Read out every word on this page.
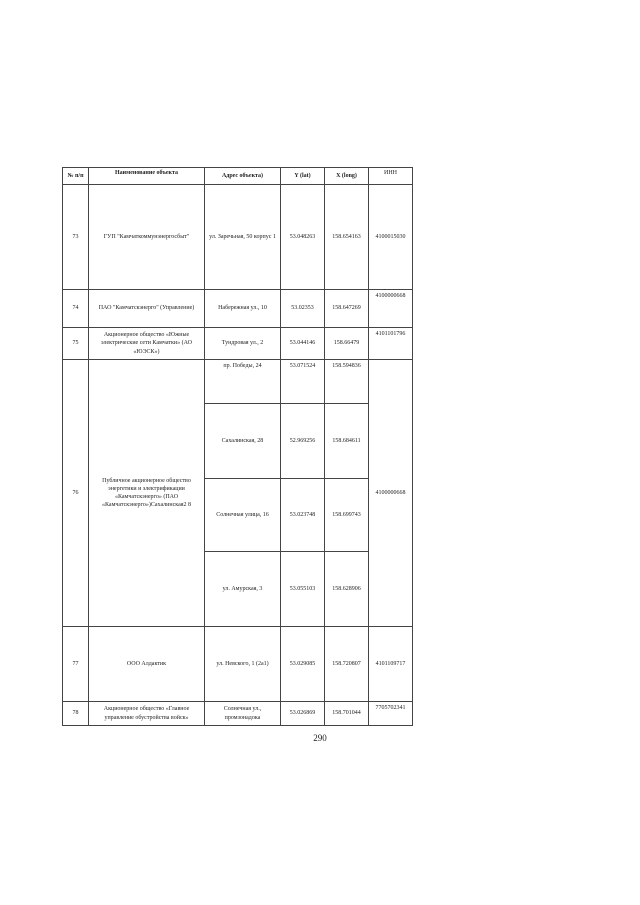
№ п/п	Наименование объекта	Адрес объекта)	Y (lat)	X (long)	ИНН
73	ГУП "Камчаткоммунэнергосбыт"	ул. Заречьная, 50 корпус 1	53.048263	158.654163	4100015030
74	ПАО "Камчатскэнерго" (Управление)	Набережная ул., 10	53.02353	158.647269	4100000668
75	Акционерное общество «Южные электрические сети Камчатки» (АО «ЮЭСК»)	Тундровая ул., 2	53.044146	158.66479	4101101796
76	Публичное акционерное общество энергетики и электрификации «Камчатскэнерго» (ПАО «Камчатскэнерго»)Сахалинская2 8	пр. Победы, 24	53.071524	158.594836	4100000668
		Сахалинская, 28	52.969256	158.684611	
		Солнечная улица, 16	53.023748	158.699743	
		ул. Амурская, 3	53.055103	158.628906	
77	ООО Алдактик	ул. Невского, 1 (2а1)	53.029085	158.720807	4101109717
78	Акционерное общество «Главное управление обустройства войск»	Солнечная ул., промзонадока	53.026869	158.701044	7705702341
290
